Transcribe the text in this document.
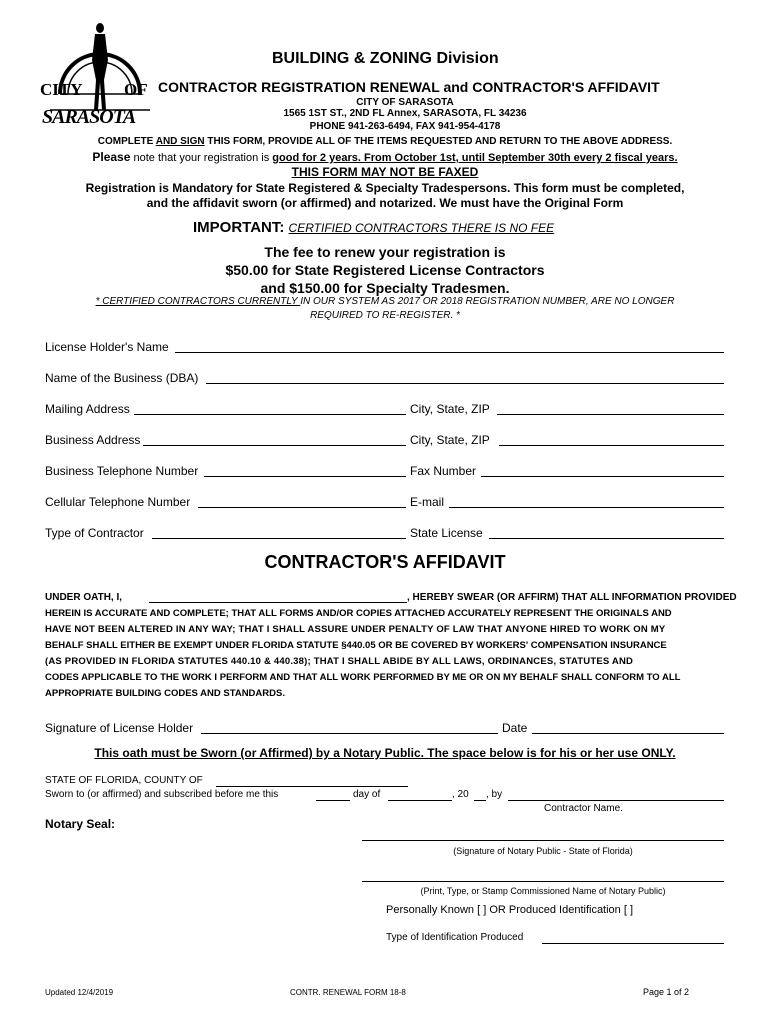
CITY OF
SARASOTA
BUILDING & ZONING Division
CONTRACTOR REGISTRATION RENEWAL and CONTRACTOR'S AFFIDAVIT
CITY OF SARASOTA
1565 1ST ST., 2ND FL Annex, SARASOTA, FL 34236
PHONE 941-263-6494, FAX 941-954-4178
COMPLETE AND SIGN THIS FORM, PROVIDE ALL OF THE ITEMS REQUESTED AND RETURN TO THE ABOVE ADDRESS.
Please note that your registration is good for 2 years. From October 1st, until September 30th every 2 fiscal years.
THIS FORM MAY NOT BE FAXED
Registration is Mandatory for State Registered & Specialty Tradespersons. This form must be completed,
and the affidavit sworn (or affirmed) and notarized. We must have the Original Form
IMPORTANT: CERTIFIED CONTRACTORS THERE IS NO FEE
The fee to renew your registration is
$50.00 for State Registered License Contractors
and $150.00 for Specialty Tradesmen.
* CERTIFIED CONTRACTORS CURRENTLY IN OUR SYSTEM AS 2017 OR 2018 REGISTRATION NUMBER, ARE NO LONGER
REQUIRED TO RE-REGISTER. *
License Holder's Name
Name of the Business (DBA)
Mailing Address	City, State, ZIP
Business Address	City, State, ZIP
Business Telephone Number	Fax Number
Cellular Telephone Number	E-mail
Type of Contractor	State License
CONTRACTOR'S AFFIDAVIT
UNDER OATH, I,	, HEREBY SWEAR (OR AFFIRM) THAT ALL INFORMATION PROVIDED
HEREIN IS ACCURATE AND COMPLETE; THAT ALL FORMS AND/OR COPIES ATTACHED ACCURATELY REPRESENT THE ORIGINALS AND
HAVE NOT BEEN ALTERED IN ANY WAY; THAT I SHALL ASSURE UNDER PENALTY OF LAW THAT ANYONE HIRED TO WORK ON MY
BEHALF SHALL EITHER BE EXEMPT UNDER FLORIDA STATUTE §440.05 OR BE COVERED BY WORKERS' COMPENSATION INSURANCE
(AS PROVIDED IN FLORIDA STATUTES 440.10 & 440.38); THAT I SHALL ABIDE BY ALL LAWS, ORDINANCES, STATUTES AND
CODES APPLICABLE TO THE WORK I PERFORM AND THAT ALL WORK PERFORMED BY ME OR ON MY BEHALF SHALL CONFORM TO ALL
APPROPRIATE BUILDING CODES AND STANDARDS.
Signature of License Holder	Date
This oath must be Sworn (or Affirmed) by a Notary Public. The space below is for his or her use ONLY.
STATE OF FLORIDA, COUNTY OF
Sworn to (or affirmed) and subscribed before me this	day of	, 20 , by
Contractor Name.
Notary Seal:
(Signature of Notary Public - State of Florida)
(Print, Type, or Stamp Commissioned Name of Notary Public)
Personally Known [ ] OR Produced Identification [ ]
Type of Identification Produced
Updated 12/4/2019	CONTR. RENEWAL FORM 18-8	Page 1 of 2
